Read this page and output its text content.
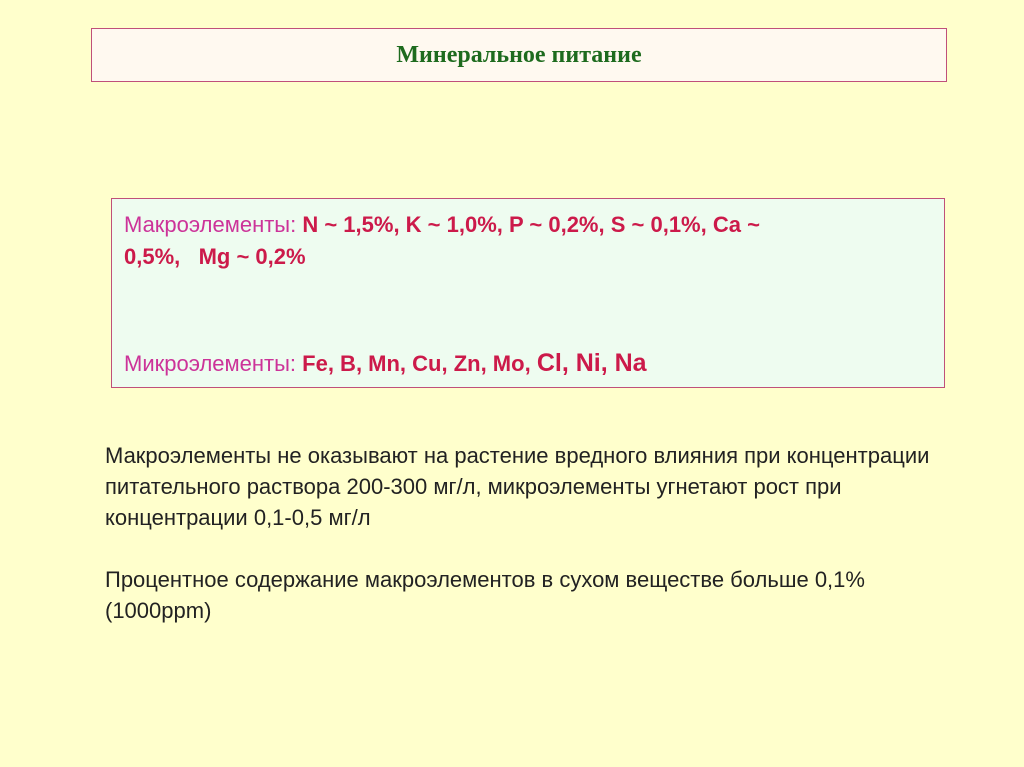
Минеральное питание

Макроэлементы: N ~ 1,5%, K ~ 1,0%, P ~ 0,2%, S ~ 0,1%, Ca ~
0,5%,   Mg ~ 0,2%

Микроэлементы: Fe, B, Mn, Cu, Zn, Mo, Cl, Ni, Na

Макроэлементы не оказывают на растение вредного влияния при концентрации питательного раствора 200-300 мг/л, микроэлементы угнетают рост при концентрации 0,1-0,5 мг/л

Процентное содержание макроэлементов в сухом веществе больше 0,1% (1000ppm)
